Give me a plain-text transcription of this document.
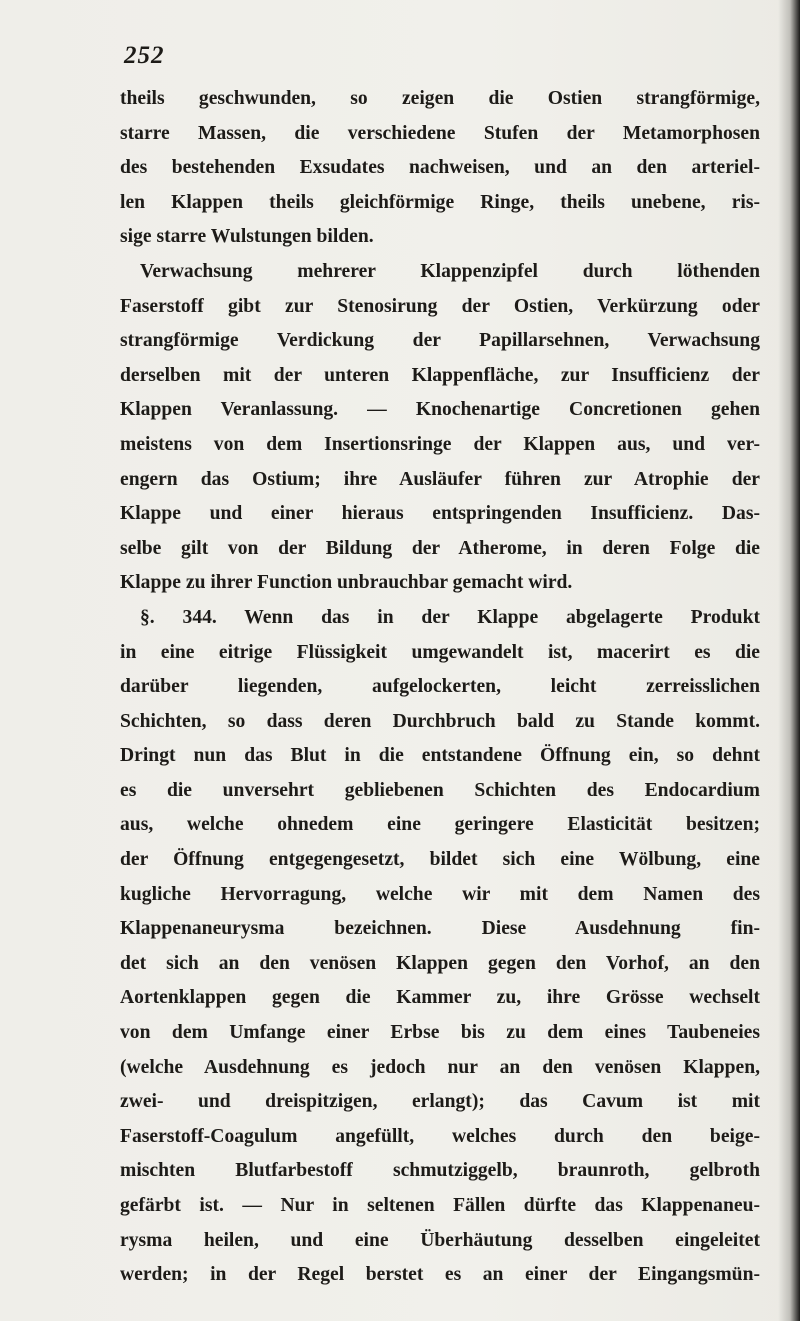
252
theils geschwunden, so zeigen die Ostien strangförmige,
starre Massen, die verschiedene Stufen der Metamorphosen
des bestehenden Exsudates nachweisen, und an den arteriel-
len Klappen theils gleichförmige Ringe, theils unebene, ris-
sige starre Wulstungen bilden.
Verwachsung mehrerer Klappenzipfel durch löthenden
Faserstoff gibt zur Stenosirung der Ostien, Verkürzung oder
strangförmige Verdickung der Papillarsehnen, Verwachsung
derselben mit der unteren Klappenfläche, zur Insufficienz der
Klappen Veranlassung. — Knochenartige Concretionen gehen
meistens von dem Insertionsringe der Klappen aus, und ver-
engern das Ostium; ihre Ausläufer führen zur Atrophie der
Klappe und einer hieraus entspringenden Insufficienz. Das-
selbe gilt von der Bildung der Atherome, in deren Folge die
Klappe zu ihrer Function unbrauchbar gemacht wird.
§. 344. Wenn das in der Klappe abgelagerte Produkt
in eine eitrige Flüssigkeit umgewandelt ist, macerirt es die
darüber liegenden, aufgelockerten, leicht zerreisslichen
Schichten, so dass deren Durchbruch bald zu Stande kommt.
Dringt nun das Blut in die entstandene Öffnung ein, so dehnt
es die unversehrt gebliebenen Schichten des Endocardium
aus, welche ohnedem eine geringere Elasticität besitzen;
der Öffnung entgegengesetzt, bildet sich eine Wölbung, eine
kugliche Hervorragung, welche wir mit dem Namen des
Klappenaneurysma bezeichnen. Diese Ausdehnung fin-
det sich an den venösen Klappen gegen den Vorhof, an den
Aortenklappen gegen die Kammer zu, ihre Grösse wechselt
von dem Umfange einer Erbse bis zu dem eines Taubeneies
(welche Ausdehnung es jedoch nur an den venösen Klappen,
zwei- und dreispitzigen, erlangt); das Cavum ist mit
Faserstoff-Coagulum angefüllt, welches durch den beige-
mischten Blutfarbestoff schmutziggelb, braunroth, gelbroth
gefärbt ist. — Nur in seltenen Fällen dürfte das Klappenaneu-
rysma heilen, und eine Überhäutung desselben eingeleitet
werden; in der Regel berstet es an einer der Eingangsmün-
